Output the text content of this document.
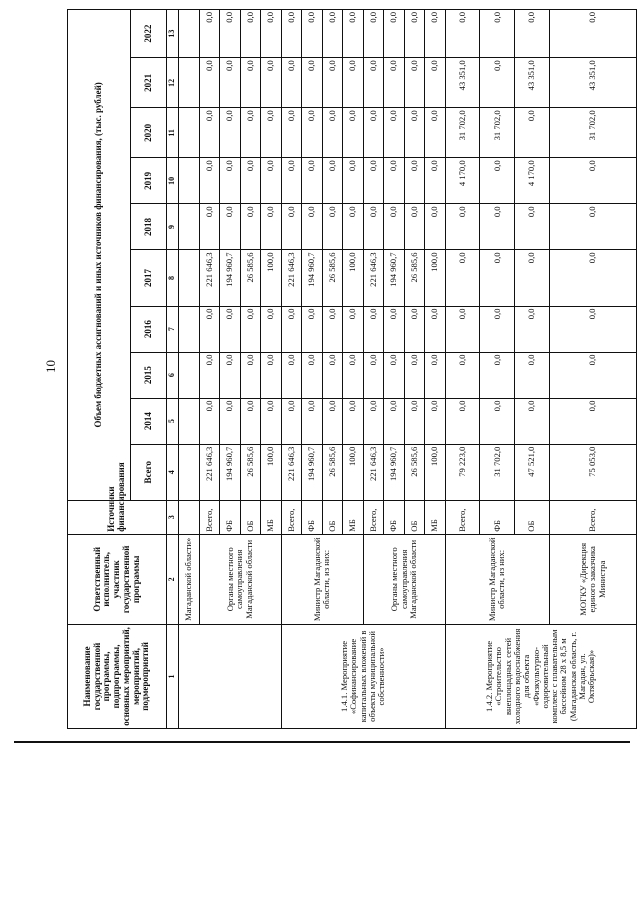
10
Наименование государственной программы, подпрограммы, основных мероприятий, мероприятий, подмероприятий	Ответственный исполнитель, участник государственной программы	Источники финансирования	Объем бюджетных ассигнований и иных источников финансирования, (тыс. рублей)									
			Всего	2014	2015	2016	2017	2018	2019	2020	2021	2022
1	2	3	4	5	6	7	8	9	10	11	12	13
	Магаданской области»											
	Органы местного самоуправления Магаданской области	Всего,	221 646,3	0,0	0,0	0,0	221 646,3	0,0	0,0	0,0	0,0	0,0
		ФБ	194 960,7	0,0	0,0	0,0	194 960,7	0,0	0,0	0,0	0,0	0,0
		ОБ	26 585,6	0,0	0,0	0,0	26 585,6	0,0	0,0	0,0	0,0	0,0
		МБ	100,0	0,0	0,0	0,0	100,0	0,0	0,0	0,0	0,0	0,0
1.4.1. Мероприятие «Софинансирование капитальных вложений в объекты муниципальной собственности»	Министр Магаданской области, из них:	Всего,	221 646,3	0,0	0,0	0,0	221 646,3	0,0	0,0	0,0	0,0	0,0
		ФБ	194 960,7	0,0	0,0	0,0	194 960,7	0,0	0,0	0,0	0,0	0,0
		ОБ	26 585,6	0,0	0,0	0,0	26 585,6	0,0	0,0	0,0	0,0	0,0
		МБ	100,0	0,0	0,0	0,0	100,0	0,0	0,0	0,0	0,0	0,0
	Органы местного самоуправления Магаданской области	Всего,	221 646,3	0,0	0,0	0,0	221 646,3	0,0	0,0	0,0	0,0	0,0
		ФБ	194 960,7	0,0	0,0	0,0	194 960,7	0,0	0,0	0,0	0,0	0,0
		ОБ	26 585,6	0,0	0,0	0,0	26 585,6	0,0	0,0	0,0	0,0	0,0
		МБ	100,0	0,0	0,0	0,0	100,0	0,0	0,0	0,0	0,0	0,0
1.4.2. Мероприятие «Строительство внеплощадных сетей холодного водоснабжения для объекта «Физкультурно-оздоровительный комплекс с плавательным бассейном 28 х 8,5 м (Магаданская область, г. Магадан, ул. Октябрьская)»	Министр Магаданской области, из них:	Всего,	79 223,0	0,0	0,0	0,0	0,0	0,0	4 170,0	31 702,0	43 351,0	0,0
		ФБ	31 702,0	0,0	0,0	0,0	0,0	0,0	0,0	31 702,0	0,0	0,0
		ОБ	47 521,0	0,0	0,0	0,0	0,0	0,0	4 170,0	0,0	43 351,0	0,0
	МОГКУ «Дирекция единого заказчика Министра	Всего,	75 053,0	0,0	0,0	0,0	0,0	0,0	0,0	31 702,0	43 351,0	0,0
